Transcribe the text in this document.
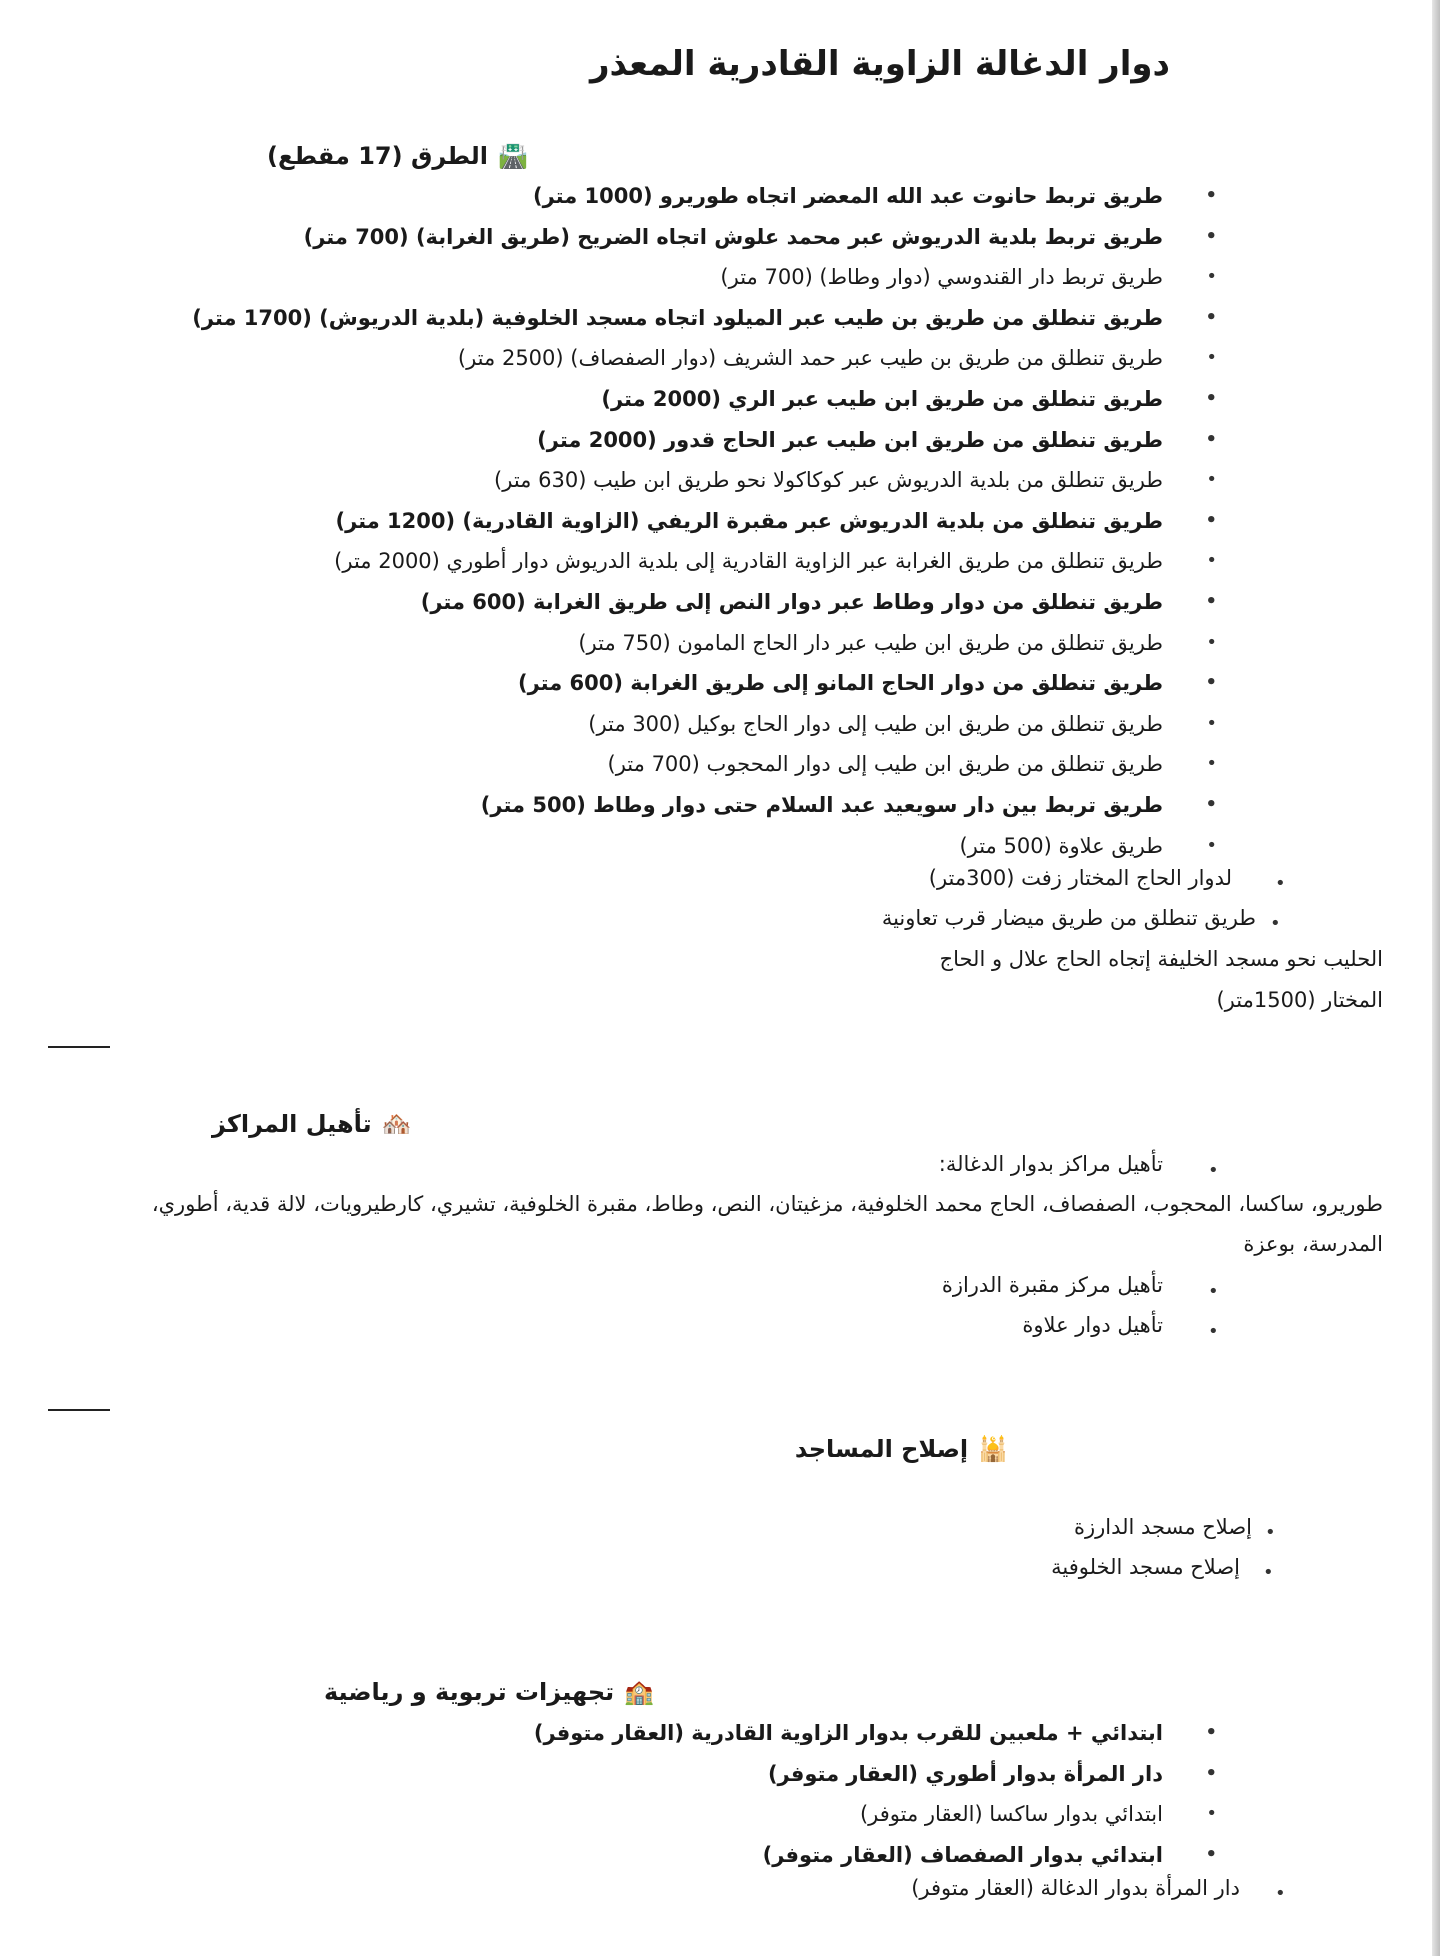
دوار الدغالة الزاوية القادرية المعذر
🛣️الطرق (17 مقطع)
•
طريق تربط حانوت عبد الله المعضر اتجاه طوريرو (1000 متر)
•
طريق تربط بلدية الدريوش عبر محمد علوش اتجاه الضريح (طريق الغرابة) (700 متر)
•
طريق تربط دار القندوسي (دوار وطاط) (700 متر)
•
طريق تنطلق من طريق بن طيب عبر الميلود اتجاه مسجد الخلوفية (بلدية الدريوش) (1700 متر)
•
طريق تنطلق من طريق بن طيب عبر حمد الشريف (دوار الصفصاف) (2500 متر)
•
طريق تنطلق من طريق ابن طيب عبر الري (2000 متر)
•
طريق تنطلق من طريق ابن طيب عبر الحاج قدور (2000 متر)
•
طريق تنطلق من بلدية الدريوش عبر كوكاكولا نحو طريق ابن طيب (630 متر)
•
طريق تنطلق من بلدية الدريوش عبر مقبرة الريفي (الزاوية القادرية) (1200 متر)
•
طريق تنطلق من طريق الغرابة عبر الزاوية القادرية إلى بلدية الدريوش دوار أطوري (2000 متر)
•
طريق تنطلق من دوار وطاط عبر دوار النص إلى طريق الغرابة (600 متر)
•
طريق تنطلق من طريق ابن طيب عبر دار الحاج المامون (750 متر)
•
طريق تنطلق من دوار الحاج المانو إلى طريق الغرابة (600 متر)
•
طريق تنطلق من طريق ابن طيب إلى دوار الحاج بوكيل (300 متر)
•
طريق تنطلق من طريق ابن طيب إلى دوار المحجوب (700 متر)
•
طريق تربط بين دار سويعيد عبد السلام حتى دوار وطاط (500 متر)
•
طريق علاوة (500 متر)
•
لدوار الحاج المختار زفت (300متر)
•
طريق تنطلق من طريق ميضار قرب تعاونية
الحليب نحو مسجد الخليفة إتجاه الحاج علال و الحاج
المختار (1500متر)
🏘️تأهيل المراكز
•
تأهيل مراكز بدوار الدغالة:
طوريرو، ساكسا، المحجوب، الصفصاف، الحاج محمد الخلوفية، مزغيتان، النص، وطاط، مقبرة الخلوفية، تشيري، كارطيرويات، لالة قدية، أطوري،
المدرسة، بوعزة
•
تأهيل مركز مقبرة الدرازة
•
تأهيل دوار علاوة
🕌إصلاح المساجد
•
إصلاح مسجد الدارزة
•
إصلاح مسجد الخلوفية
🏫تجهيزات تربوية و رياضية
•
ابتدائي + ملعبين للقرب بدوار الزاوية القادرية (العقار متوفر)
•
دار المرأة بدوار أطوري (العقار متوفر)
•
ابتدائي بدوار ساكسا (العقار متوفر)
•
ابتدائي بدوار الصفصاف (العقار متوفر)
•
دار المرأة بدوار الدغالة (العقار متوفر)
